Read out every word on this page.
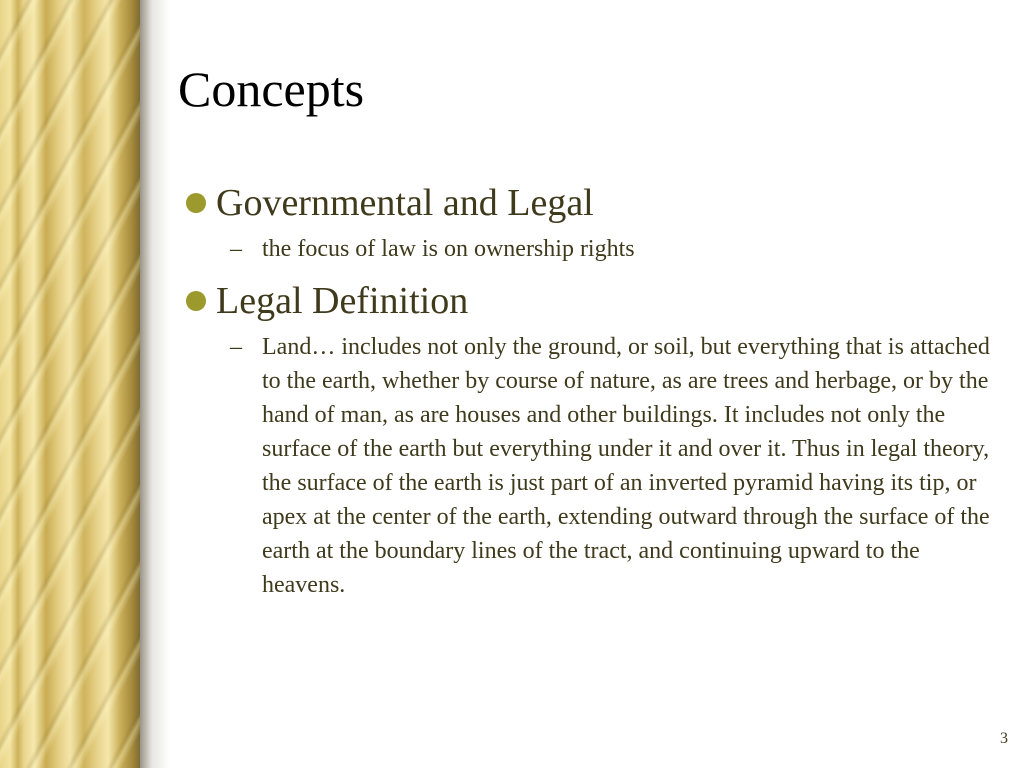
Concepts
Governmental and Legal
– the focus of law is on ownership rights
Legal Definition
– Land… includes not only the ground, or soil, but everything that is attached to the earth, whether by course of nature, as are trees and herbage, or by the hand of man, as are houses and other buildings. It includes not only the surface of the earth but everything under it and over it. Thus in legal theory, the surface of the earth is just part of an inverted pyramid having its tip, or apex at the center of the earth, extending outward through the surface of the earth at the boundary lines of the tract, and continuing upward to the heavens.
3
